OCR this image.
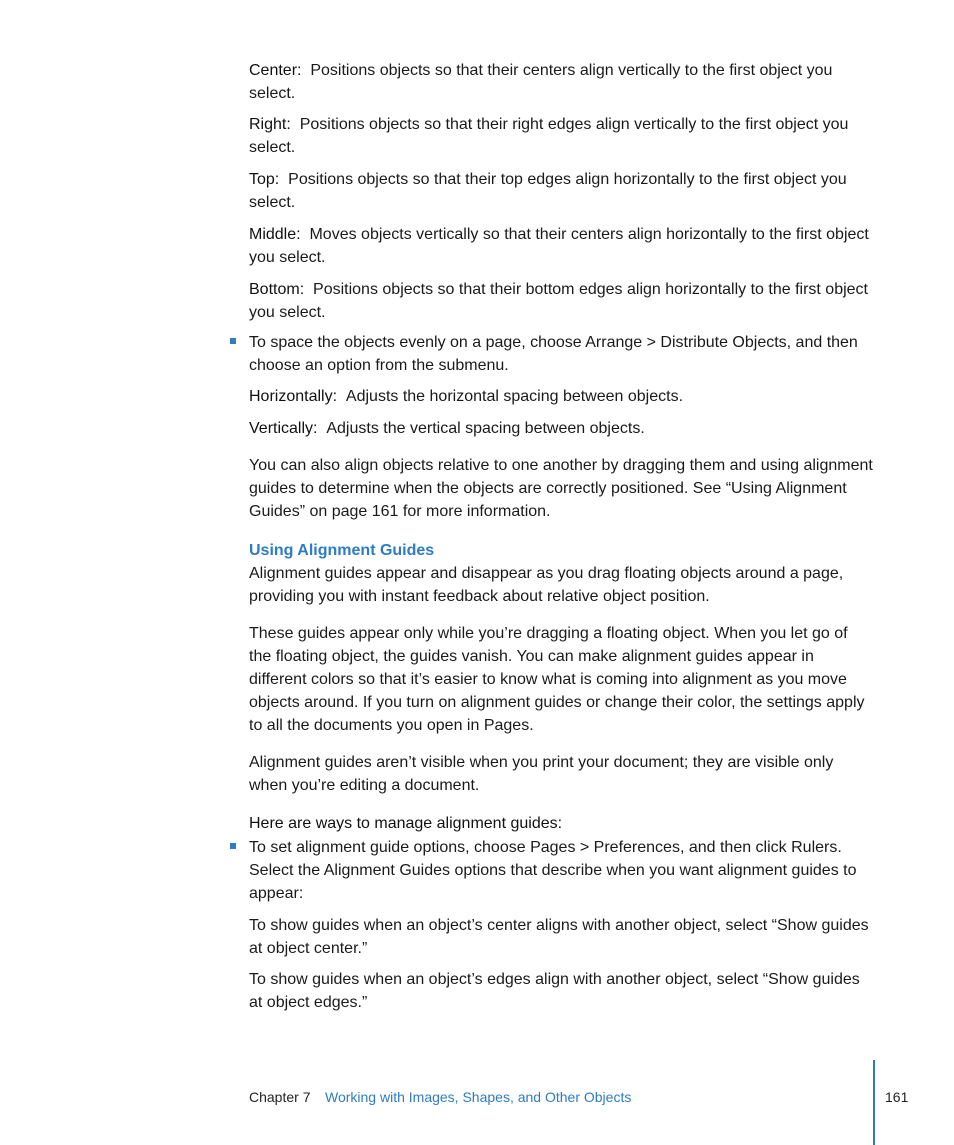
Center: Positions objects so that their centers align vertically to the first object you select.

Right: Positions objects so that their right edges align vertically to the first object you select.

Top: Positions objects so that their top edges align horizontally to the first object you select.

Middle: Moves objects vertically so that their centers align horizontally to the first object you select.

Bottom: Positions objects so that their bottom edges align horizontally to the first object you select.

To space the objects evenly on a page, choose Arrange > Distribute Objects, and then choose an option from the submenu.

Horizontally: Adjusts the horizontal spacing between objects.

Vertically: Adjusts the vertical spacing between objects.

You can also align objects relative to one another by dragging them and using alignment guides to determine when the objects are correctly positioned. See “Using Alignment Guides” on page 161 for more information.

Using Alignment Guides

Alignment guides appear and disappear as you drag floating objects around a page, providing you with instant feedback about relative object position.

These guides appear only while you’re dragging a floating object. When you let go of the floating object, the guides vanish. You can make alignment guides appear in different colors so that it’s easier to know what is coming into alignment as you move objects around. If you turn on alignment guides or change their color, the settings apply to all the documents you open in Pages.

Alignment guides aren’t visible when you print your document; they are visible only when you’re editing a document.

Here are ways to manage alignment guides:

To set alignment guide options, choose Pages > Preferences, and then click Rulers. Select the Alignment Guides options that describe when you want alignment guides to appear:

To show guides when an object’s center aligns with another object, select “Show guides at object center.”

To show guides when an object’s edges align with another object, select “Show guides at object edges.”

Chapter 7 Working with Images, Shapes, and Other Objects	161
